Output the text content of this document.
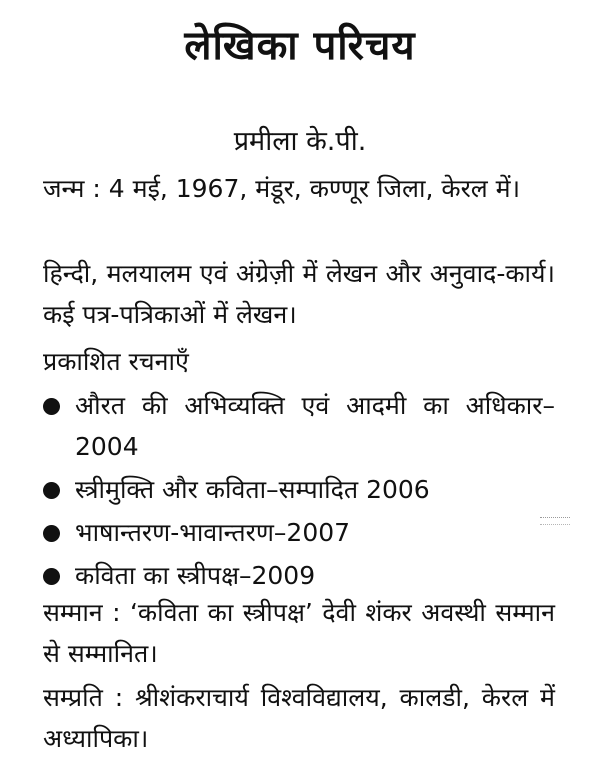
लेखिका परिचय
प्रमीला के.पी.

जन्म : 4 मई, 1967, मंडूर, कण्णूर जिला, केरल में।

हिन्दी, मलयालम एवं अंग्रेज़ी में लेखन और अनुवाद-कार्य। कई पत्र-पत्रिकाओं में लेखन।

प्रकाशित रचनाएँ
औरत की अभिव्यक्ति एवं आदमी का अधिकार– 2004
स्त्रीमुक्ति और कविता–सम्पादित 2006
भाषान्तरण-भावान्तरण–2007
कविता का स्त्रीपक्ष–2009

सम्मान : ‘कविता का स्त्रीपक्ष’ देवी शंकर अवस्थी सम्मान से सम्मानित।

सम्प्रति : श्रीशंकराचार्य विश्वविद्यालय, कालडी, केरल में अध्यापिका।
